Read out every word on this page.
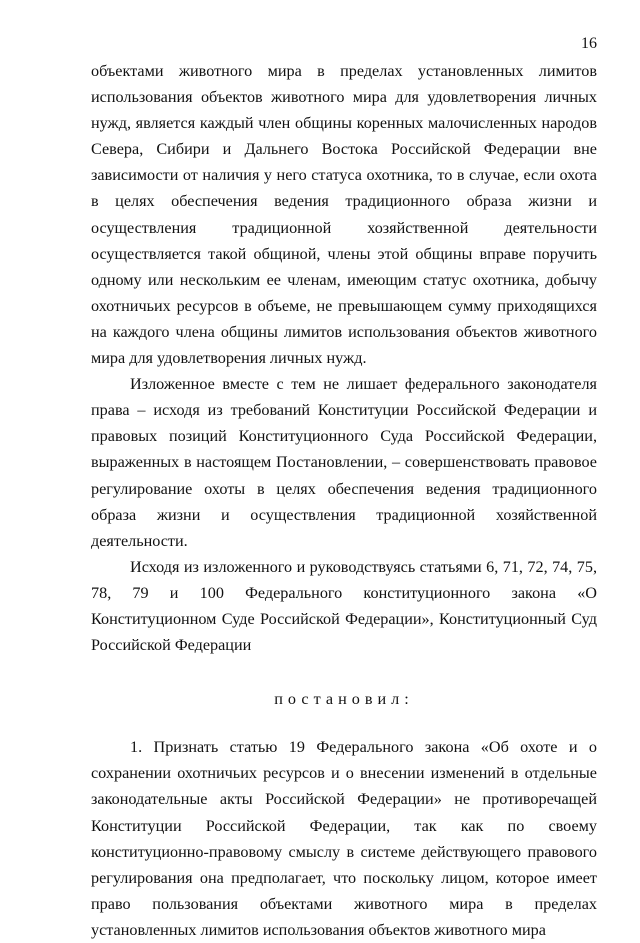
16

объектами животного мира в пределах установленных лимитов использования объектов животного мира для удовлетворения личных нужд, является каждый член общины коренных малочисленных народов Севера, Сибири и Дальнего Востока Российской Федерации вне зависимости от наличия у него статуса охотника, то в случае, если охота в целях обеспечения ведения традиционного образа жизни и осуществления традиционной хозяйственной деятельности осуществляется такой общиной, члены этой общины вправе поручить одному или нескольким ее членам, имеющим статус охотника, добычу охотничьих ресурсов в объеме, не превышающем сумму приходящихся на каждого члена общины лимитов использования объектов животного мира для удовлетворения личных нужд.

Изложенное вместе с тем не лишает федерального законодателя права – исходя из требований Конституции Российской Федерации и правовых позиций Конституционного Суда Российской Федерации, выраженных в настоящем Постановлении, – совершенствовать правовое регулирование охоты в целях обеспечения ведения традиционного образа жизни и осуществления традиционной хозяйственной деятельности.

Исходя из изложенного и руководствуясь статьями 6, 71, 72, 74, 75, 78, 79 и 100 Федерального конституционного закона «О Конституционном Суде Российской Федерации», Конституционный Суд Российской Федерации

постановил:

1. Признать статью 19 Федерального закона «Об охоте и о сохранении охотничьих ресурсов и о внесении изменений в отдельные законодательные акты Российской Федерации» не противоречащей Конституции Российской Федерации, так как по своему конституционно-правовому смыслу в системе действующего правового регулирования она предполагает, что поскольку лицом, которое имеет право пользования объектами животного мира в пределах установленных лимитов использования объектов животного мира
